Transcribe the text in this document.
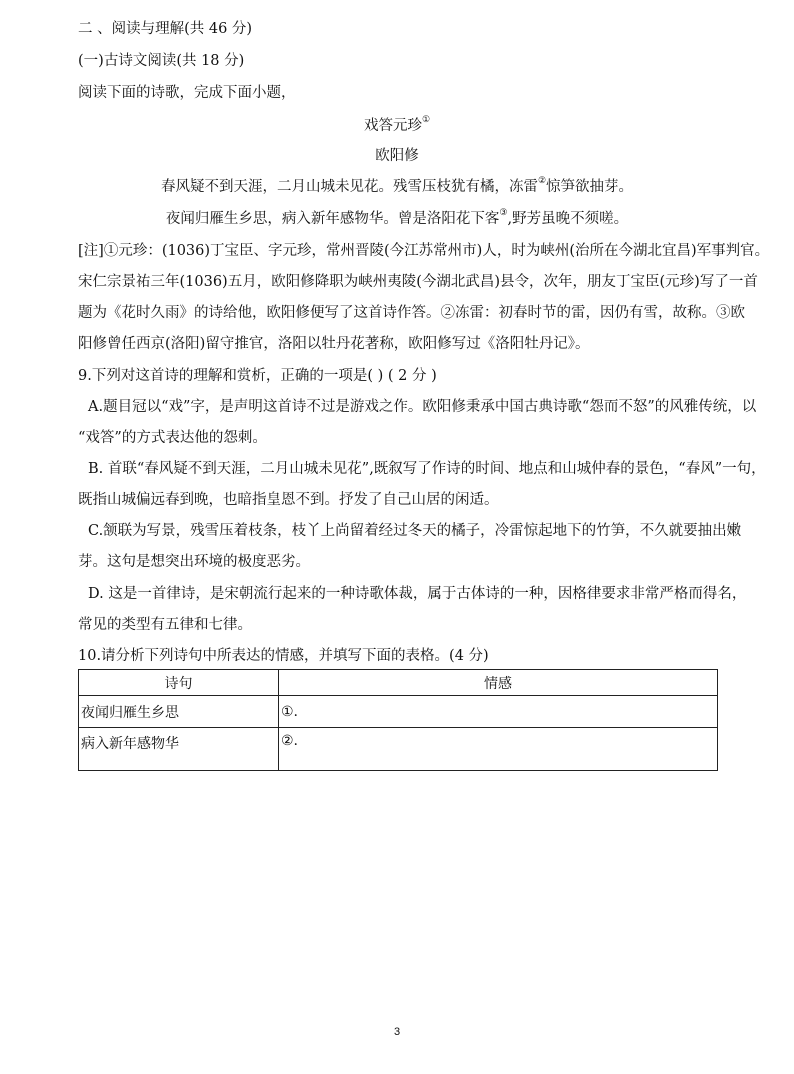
二 、阅读与理解(共 46 分)
(一)古诗文阅读(共 18 分)
阅读下面的诗歌，完成下面小题，
戏答元珍①
欧阳修
春风疑不到天涯，二月山城未见花。残雪压枝犹有橘，冻雷②惊笋欲抽芽。
夜闻归雁生乡思，病入新年感物华。曾是洛阳花下客③,野芳虽晚不须嗟。
[注]①元珍：(1036)丁宝臣、字元珍，常州晋陵(今江苏常州市)人，时为峡州(治所在今湖北宜昌)军事判官。
宋仁宗景祐三年(1036)五月，欧阳修降职为峡州夷陵(今湖北武昌)县令，次年，朋友丁宝臣(元珍)写了一首
题为《花时久雨》的诗给他，欧阳修便写了这首诗作答。②冻雷：初春时节的雷，因仍有雪，故称。③欧
阳修曾任西京(洛阳)留守推官，洛阳以牡丹花著称，欧阳修写过《洛阳牡丹记》。
9.下列对这首诗的理解和赏析，正确的一项是( ) ( 2 分 )
A.题目冠以“戏”字，是声明这首诗不过是游戏之作。欧阳修秉承中国古典诗歌“怨而不怒”的风雅传统，以
“戏答”的方式表达他的怨刺。
B. 首联“春风疑不到天涯，二月山城未见花”,既叙写了作诗的时间、地点和山城仲春的景色，“春风”一句，
既指山城偏远春到晚，也暗指皇恩不到。抒发了自己山居的闲适。
C.颔联为写景，残雪压着枝条，枝丫上尚留着经过冬天的橘子，冷雷惊起地下的竹笋，不久就要抽出嫩
芽。这句是想突出环境的极度恶劣。
D. 这是一首律诗，是宋朝流行起来的一种诗歌体裁，属于古体诗的一种，因格律要求非常严格而得名，
常见的类型有五律和七律。
10.请分析下列诗句中所表达的情感，并填写下面的表格。(4 分)
诗句	情感
夜闻归雁生乡思	①.
病入新年感物华	②.
3
